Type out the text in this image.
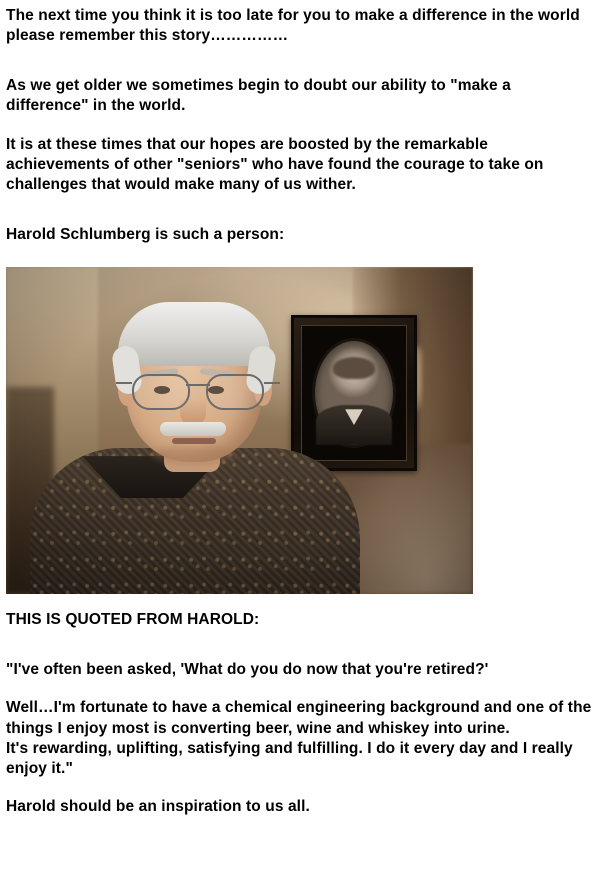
The next time you think it is too late for you to make a difference in the world please remember this story……………

As we get older we sometimes begin to doubt our ability to "make a difference" in the world.

It is at these times that our hopes are boosted by the remarkable achievements of other "seniors" who have found the courage to take on challenges that would make many of us wither.

Harold Schlumberg is such a person:

THIS IS QUOTED FROM HAROLD:

"I've often been asked, 'What do you do now that you're retired?'

Well…I'm fortunate to have a chemical engineering background and one of the things I enjoy most is converting beer, wine and whiskey into urine.

It's rewarding, uplifting, satisfying and fulfilling. I do it every day and I really enjoy it."

Harold should be an inspiration to us all.
